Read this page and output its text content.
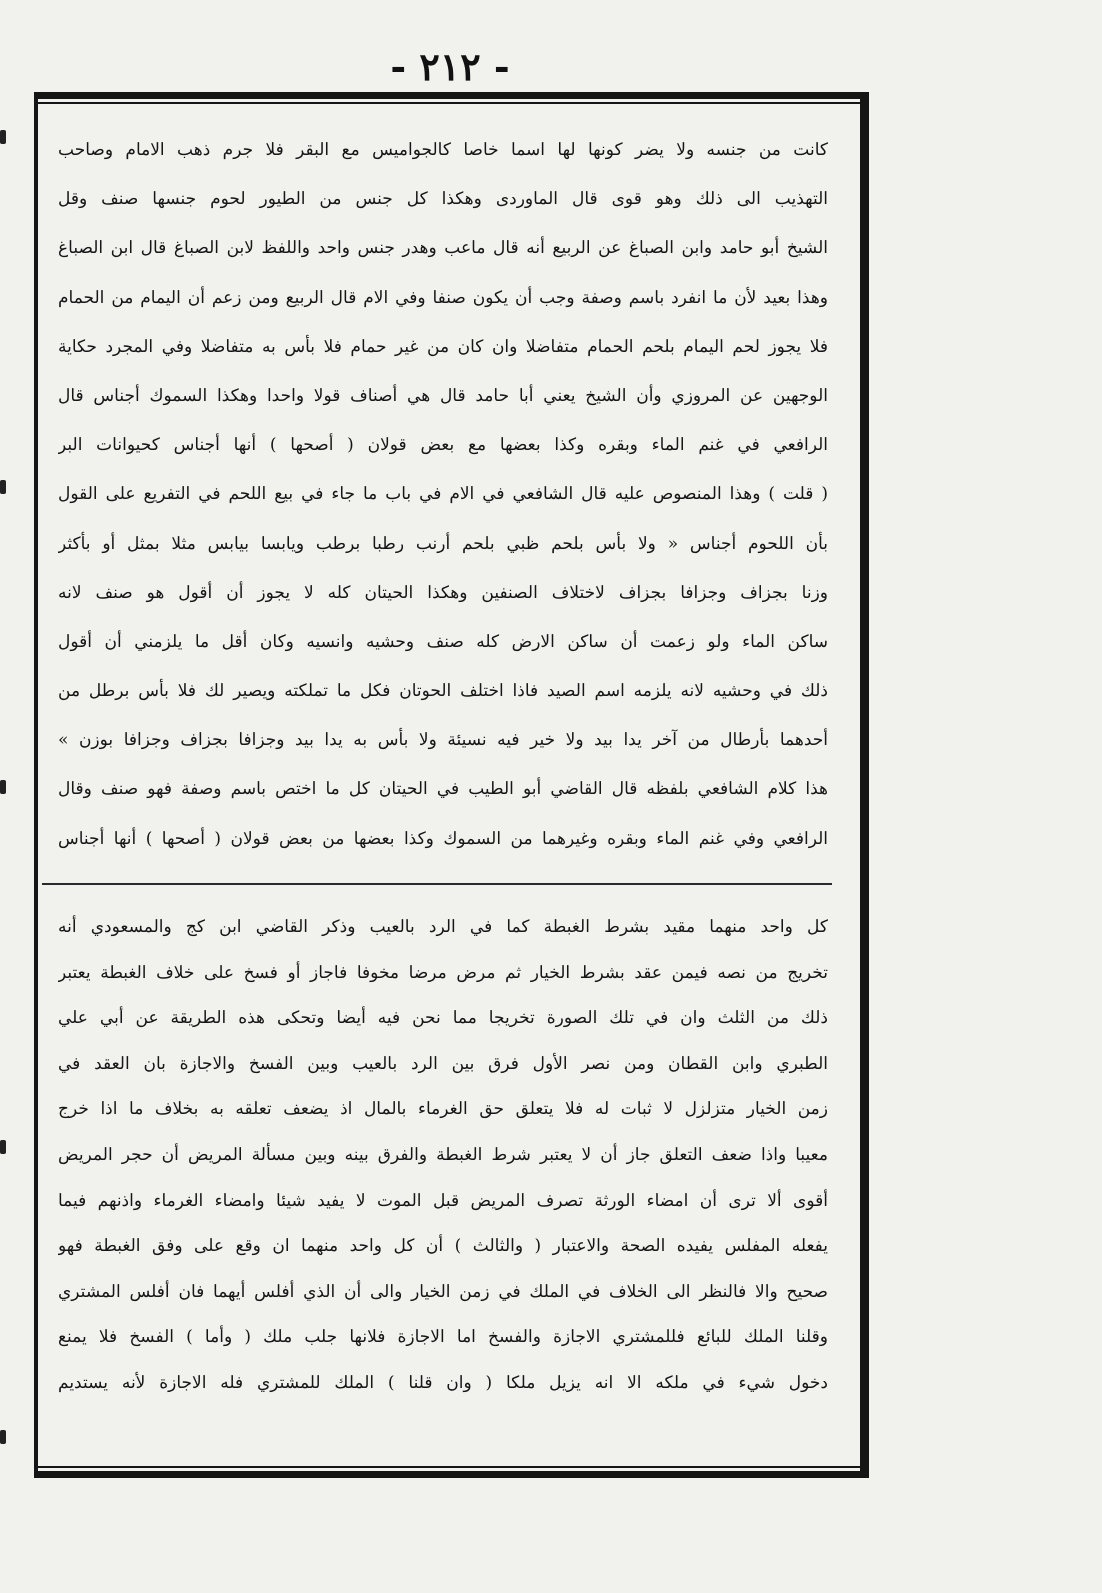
- ٢١٢ -
كانت من جنسه ولا يضر كونها لها اسما خاصا كالجواميس مع البقر فلا جرم ذهب الامام وصاحب
التهذيب الى ذلك وهو قوى قال الماوردى وهكذا كل جنس من الطيور لحوم جنسها صنف وقل
الشيخ أبو حامد وابن الصباغ عن الربيع أنه قال ماعب وهدر جنس واحد واللفظ لابن الصباغ قال ابن الصباغ
وهذا بعيد لأن ما انفرد باسم وصفة وجب أن يكون صنفا وفي الام قال الربيع ومن زعم أن اليمام من الحمام
فلا يجوز لحم اليمام بلحم الحمام متفاضلا وان كان من غير حمام فلا بأس به متفاضلا وفي المجرد حكاية
الوجهين عن المروزي وأن الشيخ يعني أبا حامد قال هي أصناف قولا واحدا وهكذا السموك أجناس قال
الرافعي في غنم الماء وبقره وكذا بعضها مع بعض قولان ( أصحها ) أنها أجناس كحيوانات البر
( قلت ) وهذا المنصوص عليه قال الشافعي في الام في باب ما جاء في بيع اللحم في التفريع على القول
بأن اللحوم أجناس « ولا بأس بلحم ظبي بلحم أرنب رطبا برطب ويابسا بيابس مثلا بمثل أو بأكثر
وزنا بجزاف وجزافا بجزاف لاختلاف الصنفين وهكذا الحيتان كله لا يجوز أن أقول هو صنف لانه
ساكن الماء ولو زعمت أن ساكن الارض كله صنف وحشيه وانسيه وكان أقل ما يلزمني أن أقول
ذلك في وحشيه لانه يلزمه اسم الصيد فاذا اختلف الحوتان فكل ما تملكته ويصير لك فلا بأس برطل من
أحدهما بأرطال من آخر يدا بيد ولا خير فيه نسيئة ولا بأس به يدا بيد وجزافا بجزاف وجزافا بوزن »
هذا كلام الشافعي بلفظه قال القاضي أبو الطيب في الحيتان كل ما اختص باسم وصفة فهو صنف وقال
الرافعي وفي غنم الماء وبقره وغيرهما من السموك وكذا بعضها من بعض قولان ( أصحها ) أنها أجناس
كل واحد منهما مقيد بشرط الغبطة كما في الرد بالعيب وذكر القاضي ابن كج والمسعودي أنه
تخريج من نصه فيمن عقد بشرط الخيار ثم مرض مرضا مخوفا فاجاز أو فسخ على خلاف الغبطة يعتبر
ذلك من الثلث وان في تلك الصورة تخريجا مما نحن فيه أيضا وتحكى هذه الطريقة عن أبي علي
الطبري وابن القطان ومن نصر الأول فرق بين الرد بالعيب وبين الفسخ والاجازة بان العقد في
زمن الخيار متزلزل لا ثبات له فلا يتعلق حق الغرماء بالمال اذ يضعف تعلقه به بخلاف ما اذا خرج
معيبا واذا ضعف التعلق جاز أن لا يعتبر شرط الغبطة والفرق بينه وبين مسألة المريض أن حجر المريض
أقوى ألا ترى أن امضاء الورثة تصرف المريض قبل الموت لا يفيد شيئا وامضاء الغرماء واذنهم فيما
يفعله المفلس يفيده الصحة والاعتبار ( والثالث ) أن كل واحد منهما ان وقع على وفق الغبطة فهو
صحيح والا فالنظر الى الخلاف في الملك في زمن الخيار والى أن الذي أفلس أيهما فان أفلس المشتري
وقلنا الملك للبائع فللمشتري الاجازة والفسخ اما الاجازة فلانها جلب ملك ( وأما ) الفسخ فلا يمنع
دخول شيء في ملكه الا انه يزيل ملكا ( وان قلنا ) الملك للمشتري فله الاجازة لأنه يستديم
